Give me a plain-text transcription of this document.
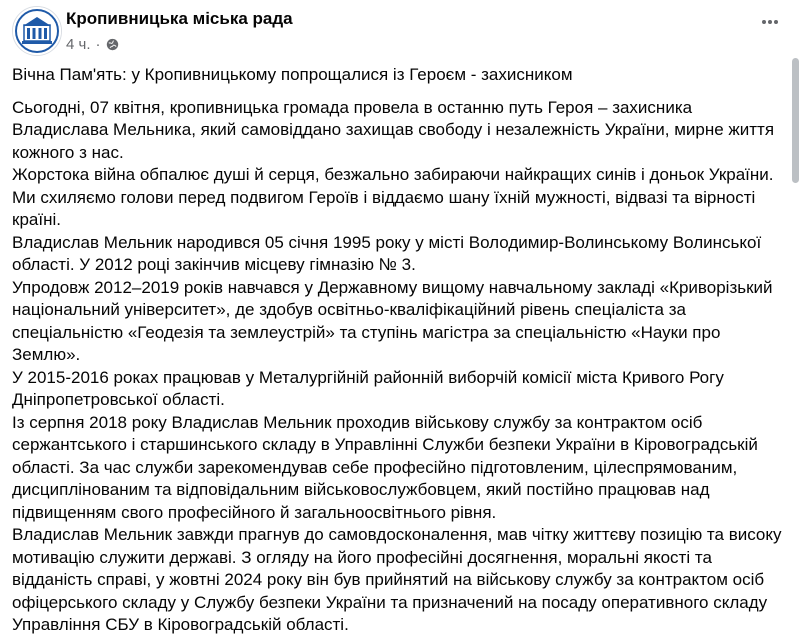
Кропивницька міська рада
4 ч. ·

Вічна Пам'ять: у Кропивницькому попрощалися із Героєм - захисником

Сьогодні, 07 квітня, кропивницька громада провела в останню путь Героя – захисника Владислава Мельника, який самовіддано захищав свободу і незалежність України, мирне життя кожного з нас.

Жорстока війна обпалює душі й серця, безжально забираючи найкращих синів і доньок України. Ми схиляємо голови перед подвигом Героїв і віддаємо шану їхній мужності, відвазі та вірності країні.

Владислав Мельник народився 05 січня 1995 року у місті Володимир-Волинському Волинської області. У 2012 році закінчив місцеву гімназію № 3.

Упродовж 2012–2019 років навчався у Державному вищому навчальному закладі «Криворізький національний університет», де здобув освітньо-кваліфікаційний рівень спеціаліста за спеціальністю «Геодезія та землеустрій» та ступінь магістра за спеціальністю «Науки про Землю».

У 2015-2016 роках працював у Металургійній районній виборчій комісії міста Кривого Рогу Дніпропетровської області.

Із серпня 2018 року Владислав Мельник проходив військову службу за контрактом осіб сержантського і старшинського складу в Управлінні Служби безпеки України в Кіровоградській області. За час служби зарекомендував себе професійно підготовленим, цілеспрямованим, дисциплінованим та відповідальним військовослужбовцем, який постійно працював над підвищенням свого професійного й загальноосвітнього рівня.

Владислав Мельник завжди прагнув до самовдосконалення, мав чітку життєву позицію та високу мотивацію служити державі. З огляду на його професійні досягнення, моральні якості та відданість справі, у жовтні 2024 року він був прийнятий на військову службу за контрактом осіб офіцерського складу у Службу безпеки України та призначений на посаду оперативного складу Управління СБУ в Кіровоградській області.
